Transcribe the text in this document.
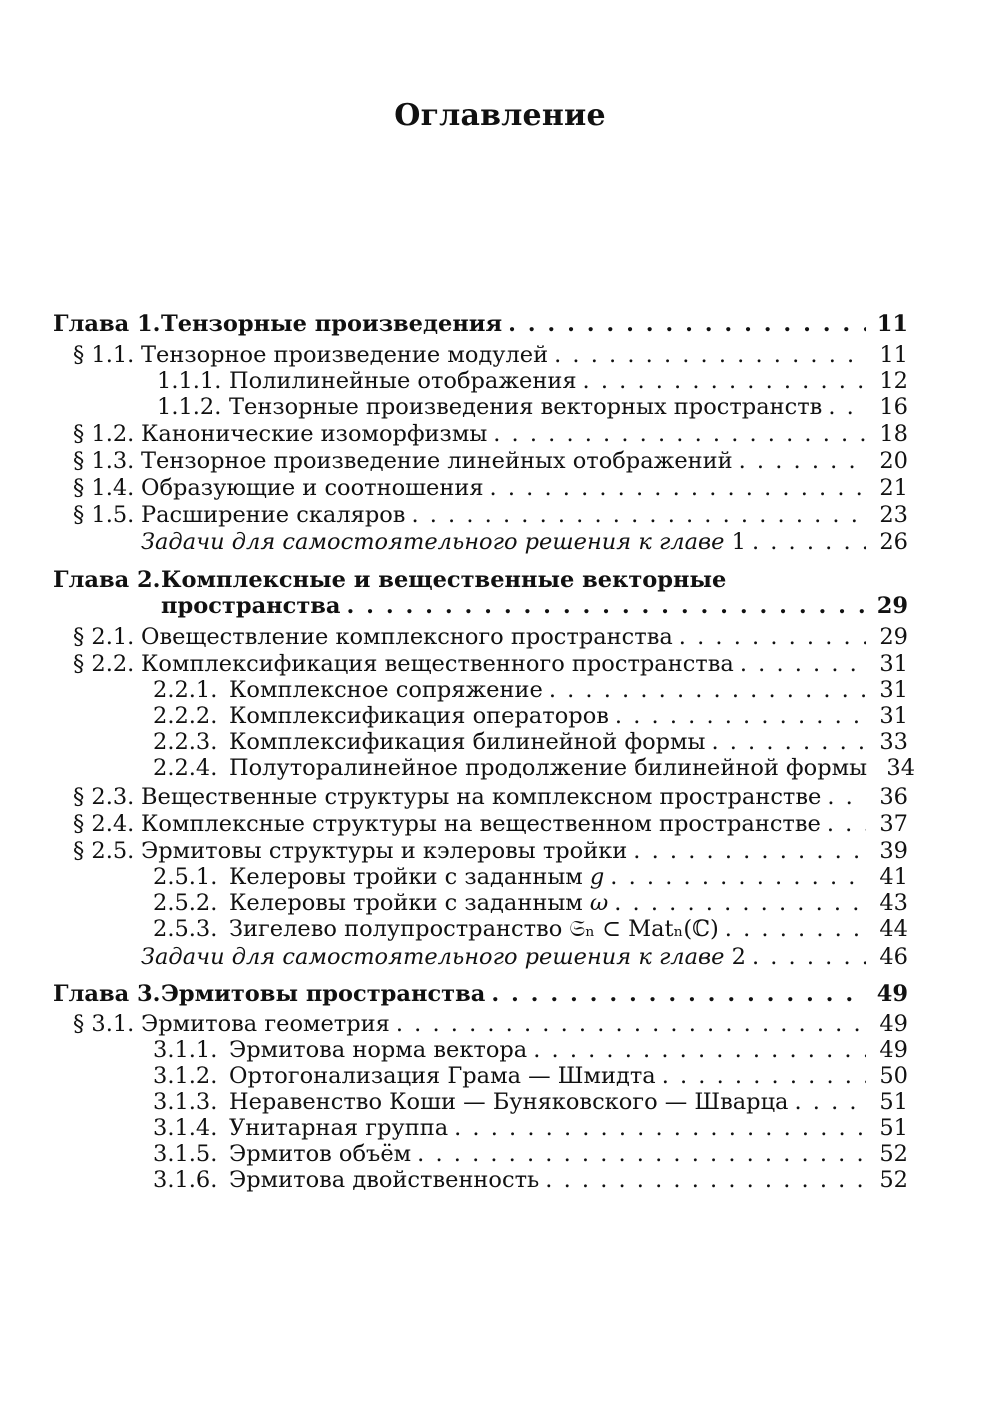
Оглавление
Глава 1. Тензорные произведения . . .	11
§ 1.1. Тензорное произведение модулей . . .	11
1.1.1. Полилинейные отображения . . .	12
1.1.2. Тензорные произведения векторных пространств . . .	16
§ 1.2. Канонические изоморфизмы . . .	18
§ 1.3. Тензорное произведение линейных отображений . . .	20
§ 1.4. Образующие и соотношения . . .	21
§ 1.5. Расширение скаляров . . .	23
Задачи для самостоятельного решения к главе 1 . . .	26
Глава 2. Комплексные и вещественные векторные
пространства . . .	29
§ 2.1. Овеществление комплексного пространства . . .	29
§ 2.2. Комплексификация вещественного пространства . . .	31
2.2.1. Комплексное сопряжение . . .	31
2.2.2. Комплексификация операторов . . .	31
2.2.3. Комплексификация билинейной формы . . .	33
2.2.4. Полуторалинейное продолжение билинейной формы 34
§ 2.3. Вещественные структуры на комплексном пространстве . . .	36
§ 2.4. Комплексные структуры на вещественном пространстве . . .	37
§ 2.5. Эрмитовы структуры и кэлеровы тройки . . .	39
2.5.1. Келеровы тройки с заданным g . . .	41
2.5.2. Келеровы тройки с заданным ω . . .	43
2.5.3. Зигелево полупространство 𝔖ₙ ⊂ Matₙ(ℂ) . . .	44
Задачи для самостоятельного решения к главе 2 . . .	46
Глава 3. Эрмитовы пространства . . .	49
§ 3.1. Эрмитова геометрия . . .	49
3.1.1. Эрмитова норма вектора . . .	49
3.1.2. Ортогонализация Грама — Шмидта . . .	50
3.1.3. Неравенство Коши — Буняковского — Шварца . . .	51
3.1.4. Унитарная группа . . .	51
3.1.5. Эрмитов объём . . .	52
3.1.6. Эрмитова двойственность . . .	52
